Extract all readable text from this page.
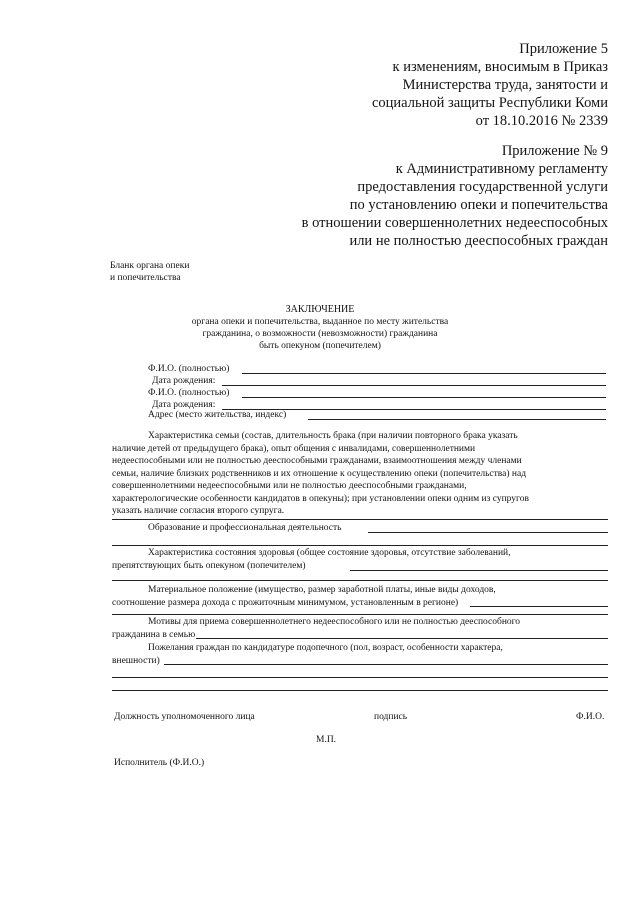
Приложение 5
к изменениям, вносимым в Приказ
Министерства труда, занятости и
социальной защиты Республики Коми
от 18.10.2016 № 2339
Приложение № 9
к Административному регламенту
предоставления государственной услуги
по установлению опеки и попечительства
в отношении совершеннолетних недееспособных
или не полностью дееспособных граждан
Бланк органа опеки
и попечительства
ЗАКЛЮЧЕНИЕ
органа опеки и попечительства, выданное по месту жительства
гражданина, о возможности (невозможности) гражданина
быть опекуном (попечителем)
Ф.И.О. (полностью)
Дата рождения:
Ф.И.О. (полностью)
Дата рождения:
Адрес (место жительства, индекс)
Характеристика семьи (состав, длительность брака (при наличии повторного брака указать
наличие детей от предыдущего брака), опыт общения с инвалидами, совершеннолетними
недееспособными или не полностью дееспособными гражданами, взаимоотношения между членами
семьи, наличие близких родственников и их отношение к осуществлению опеки (попечительства) над
совершеннолетними недееспособными или не полностью дееспособными гражданами,
характерологические особенности кандидатов в опекуны); при установлении опеки одним из супругов
указать наличие согласия второго супруга.
Образование и профессиональная деятельность
Характеристика состояния здоровья (общее состояние здоровья, отсутствие заболеваний,
препятствующих быть опекуном (попечителем)
Материальное положение (имущество, размер заработной платы, иные виды доходов,
соотношение размера дохода с прожиточным минимумом, установленным в регионе)
Мотивы для приема совершеннолетнего недееспособного или не полностью дееспособного
гражданина в семью
Пожелания граждан по кандидатуре подопечного (пол, возраст, особенности характера,
внешности)
Должность уполномоченного лица	подпись	Ф.И.О.
М.П.
Исполнитель (Ф.И.О.)
